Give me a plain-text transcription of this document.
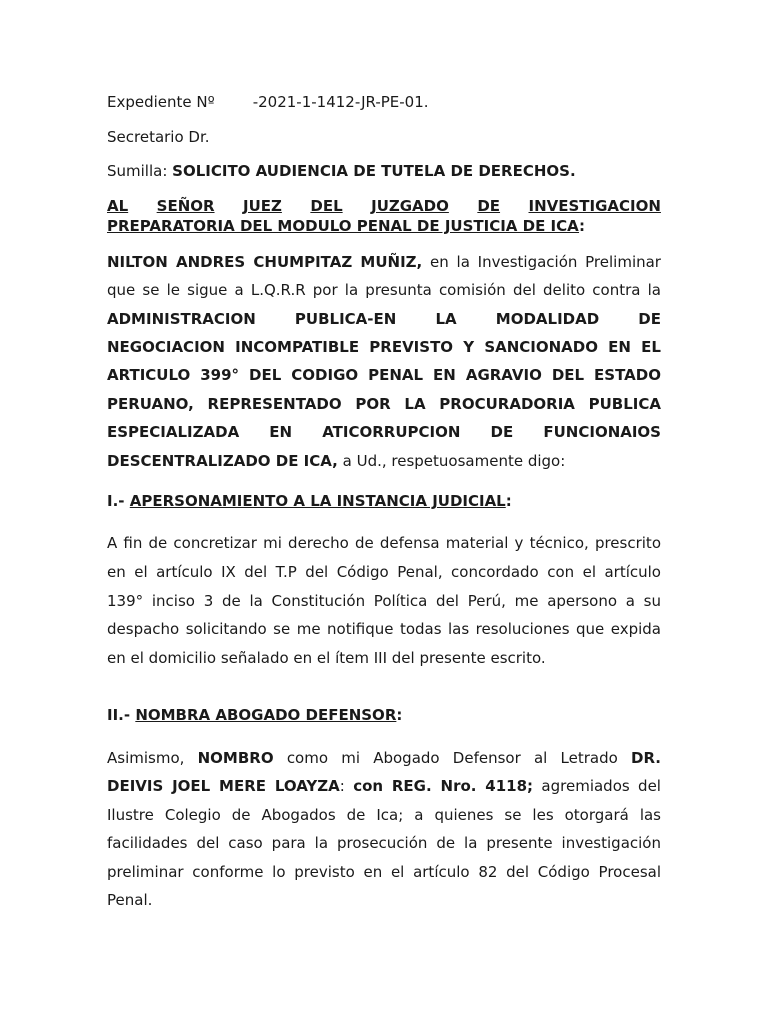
Expediente Nº	-2021-1-1412-JR-PE-01.
Secretario Dr.
Sumilla: SOLICITO AUDIENCIA DE TUTELA DE DERECHOS.
AL SEÑOR JUEZ DEL JUZGADO DE INVESTIGACION
PREPARATORIA DEL MODULO PENAL DE JUSTICIA DE ICA:
NILTON ANDRES CHUMPITAZ MUÑIZ, en la Investigación Preliminar
que se le sigue a L.Q.R.R por la presunta comisión del delito contra la
ADMINISTRACION PUBLICA-EN LA MODALIDAD DE
NEGOCIACION INCOMPATIBLE PREVISTO Y SANCIONADO EN EL
ARTICULO 399° DEL CODIGO PENAL EN AGRAVIO DEL ESTADO
PERUANO, REPRESENTADO POR LA PROCURADORIA PUBLICA
ESPECIALIZADA EN ATICORRUPCION DE FUNCIONAIOS
DESCENTRALIZADO DE ICA, a Ud., respetuosamente digo:
I.- APERSONAMIENTO A LA INSTANCIA JUDICIAL:
A fin de concretizar mi derecho de defensa material y técnico, prescrito
en el artículo IX del T.P del Código Penal, concordado con el artículo
139° inciso 3 de la Constitución Política del Perú, me apersono a su
despacho solicitando se me notifique todas las resoluciones que expida
en el domicilio señalado en el ítem III del presente escrito.
II.- NOMBRA ABOGADO DEFENSOR:
Asimismo, NOMBRO como mi Abogado Defensor al Letrado DR.
DEIVIS JOEL MERE LOAYZA: con REG. Nro. 4118; agremiados del
Ilustre Colegio de Abogados de Ica; a quienes se les otorgará las
facilidades del caso para la prosecución de la presente investigación
preliminar conforme lo previsto en el artículo 82 del Código Procesal
Penal.
